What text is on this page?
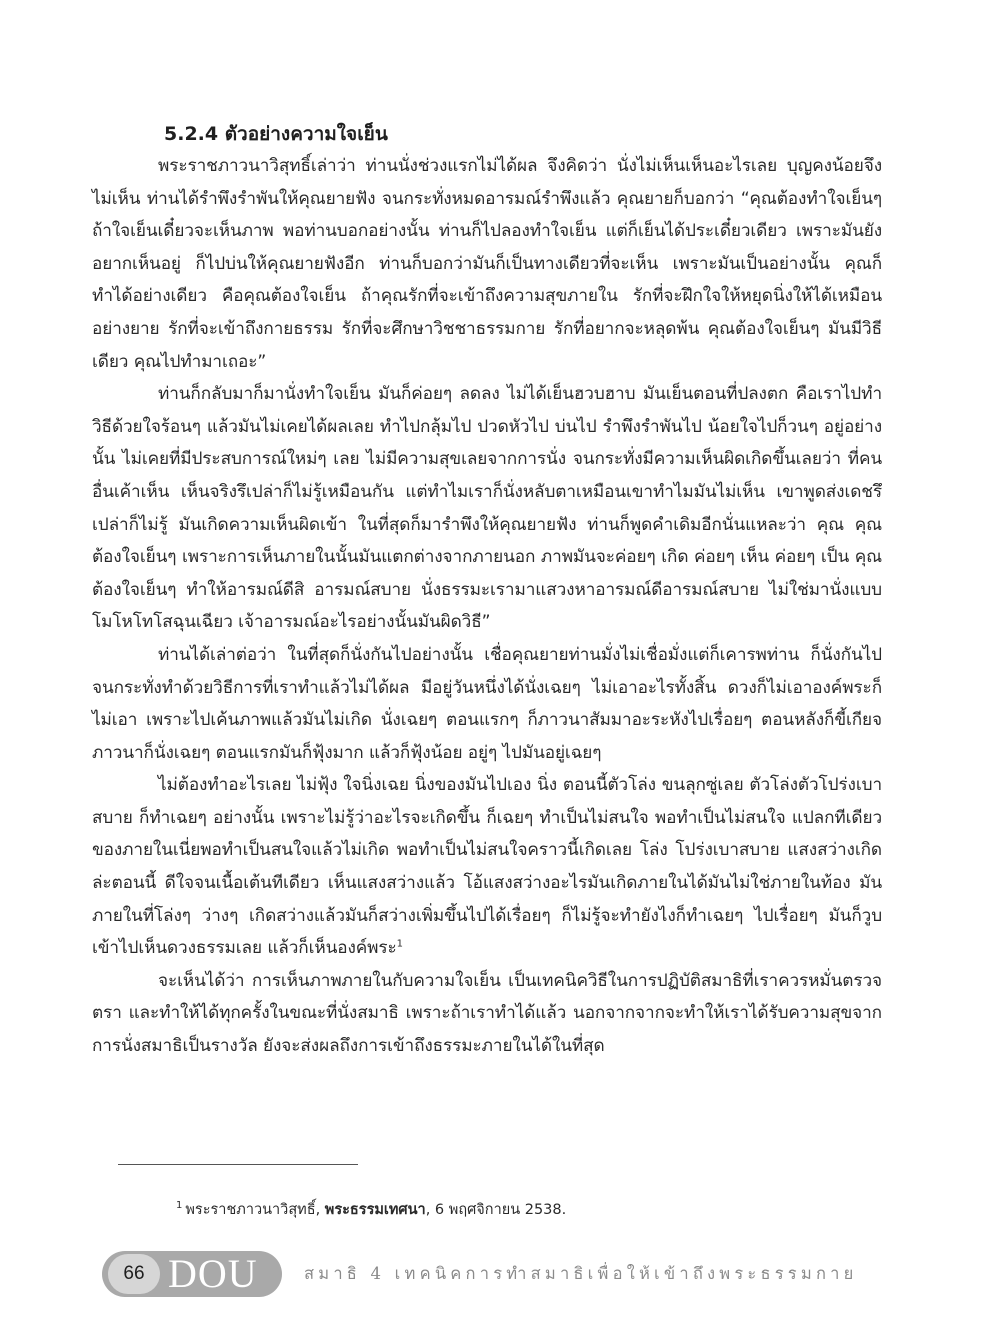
5.2.4 ตัวอย่างความใจเย็น

พระราชภาวนาวิสุทธิ์เล่าว่า ท่านนั่งช่วงแรกไม่ได้ผล จึงคิดว่า นั่งไม่เห็นเห็นอะไรเลย บุญคงน้อยจึงไม่เห็น ท่านได้รำพึงรำพันให้คุณยายฟัง จนกระทั่งหมดอารมณ์รำพึงแล้ว คุณยายก็บอกว่า “คุณต้องทำใจเย็นๆ ถ้าใจเย็นเดี๋ยวจะเห็นภาพ พอท่านบอกอย่างนั้น ท่านก็ไปลองทำใจเย็น แต่ก็เย็นได้ประเดี๋ยวเดียว เพราะมันยังอยากเห็นอยู่ ก็ไปบ่นให้คุณยายฟังอีก ท่านก็บอกว่ามันก็เป็นทางเดียวที่จะเห็น เพราะมันเป็นอย่างนั้น คุณก็ทำได้อย่างเดียว คือคุณต้องใจเย็น ถ้าคุณรักที่จะเข้าถึงความสุขภายใน รักที่จะฝึกใจให้หยุดนิ่งให้ได้เหมือนอย่างยาย รักที่จะเข้าถึงกายธรรม รักที่จะศึกษาวิชชาธรรมกาย รักที่อยากจะหลุดพ้น คุณต้องใจเย็นๆ มันมีวิธีเดียว คุณไปทำมาเถอะ”

ท่านก็กลับมาก็มานั่งทำใจเย็น มันก็ค่อยๆ ลดลง ไม่ได้เย็นฮวบฮาบ มันเย็นตอนที่ปลงตก คือเราไปทำวิธีด้วยใจร้อนๆ แล้วมันไม่เคยได้ผลเลย ทำไปกลุ้มไป ปวดหัวไป บ่นไป รำพึงรำพันไป น้อยใจไปก็วนๆ อยู่อย่างนั้น ไม่เคยที่มีประสบการณ์ใหม่ๆ เลย ไม่มีความสุขเลยจากการนั่ง จนกระทั่งมีความเห็นผิดเกิดขึ้นเลยว่า ที่คนอื่นเค้าเห็น เห็นจริงรึเปล่าก็ไม่รู้เหมือนกัน แต่ทำไมเราก็นั่งหลับตาเหมือนเขาทำไมมันไม่เห็น เขาพูดส่งเดชรึเปล่าก็ไม่รู้ มันเกิดความเห็นผิดเข้า ในที่สุดก็มารำพึงให้คุณยายฟัง ท่านก็พูดคำเดิมอีกนั่นแหละว่า คุณ คุณต้องใจเย็นๆ เพราะการเห็นภายในนั้นมันแตกต่างจากภายนอก ภาพมันจะค่อยๆ เกิด ค่อยๆ เห็น ค่อยๆ เป็น คุณต้องใจเย็นๆ ทำให้อารมณ์ดีสิ อารมณ์สบาย นั่งธรรมะเรามาแสวงหาอารมณ์ดีอารมณ์สบาย ไม่ใช่มานั่งแบบโมโหโทโสฉุนเฉียว เจ้าอารมณ์อะไรอย่างนั้นมันผิดวิธี”

ท่านได้เล่าต่อว่า ในที่สุดก็นั่งกันไปอย่างนั้น เชื่อคุณยายท่านมั่งไม่เชื่อมั่งแต่ก็เคารพท่าน ก็นั่งกันไปจนกระทั่งทำด้วยวิธีการที่เราทำแล้วไม่ได้ผล มีอยู่วันหนึ่งได้นั่งเฉยๆ ไม่เอาอะไรทั้งสิ้น ดวงก็ไม่เอาองค์พระก็ไม่เอา เพราะไปเค้นภาพแล้วมันไม่เกิด นั่งเฉยๆ ตอนแรกๆ ก็ภาวนาสัมมาอะระหังไปเรื่อยๆ ตอนหลังก็ขี้เกียจภาวนาก็นั่งเฉยๆ ตอนแรกมันก็ฟุ้งมาก แล้วก็ฟุ้งน้อย อยู่ๆ ไปมันอยู่เฉยๆ

ไม่ต้องทำอะไรเลย ไม่ฟุ้ง ใจนิ่งเฉย นิ่งของมันไปเอง นิ่ง ตอนนี้ตัวโล่ง ขนลุกซู่เลย ตัวโล่งตัวโปร่งเบาสบาย ก็ทำเฉยๆ อย่างนั้น เพราะไม่รู้ว่าอะไรจะเกิดขึ้น ก็เฉยๆ ทำเป็นไม่สนใจ พอทำเป็นไม่สนใจ แปลกทีเดียว ของภายในเนี่ยพอทำเป็นสนใจแล้วไม่เกิด พอทำเป็นไม่สนใจคราวนี้เกิดเลย โล่ง โปร่งเบาสบาย แสงสว่างเกิดล่ะตอนนี้ ดีใจจนเนื้อเต้นทีเดียว เห็นแสงสว่างแล้ว โอ้แสงสว่างอะไรมันเกิดภายในได้มันไม่ใช่ภายในท้อง มันภายในที่โล่งๆ ว่างๆ เกิดสว่างแล้วมันก็สว่างเพิ่มขึ้นไปได้เรื่อยๆ ก็ไม่รู้จะทำยังไงก็ทำเฉยๆ ไปเรื่อยๆ มันก็วูบเข้าไปเห็นดวงธรรมเลย แล้วก็เห็นองค์พระ$^1$

จะเห็นได้ว่า การเห็นภาพภายในกับความใจเย็น เป็นเทคนิควิธีในการปฏิบัติสมาธิที่เราควรหมั่นตรวจตรา และทำให้ได้ทุกครั้งในขณะที่นั่งสมาธิ เพราะถ้าเราทำได้แล้ว นอกจากจากจะทำให้เราได้รับความสุขจากการนั่งสมาธิเป็นรางวัล ยังจะส่งผลถึงการเข้าถึงธรรมะภายในได้ในที่สุด

$^1$ พระราชภาวนาวิสุทธิ์, พระธรรมเทศนา, 6 พฤศจิกายน 2538.
66 DOU	สมาธิ 4 เทคนิคการทำสมาธิเพื่อให้เข้าถึงพระธรรมกาย
